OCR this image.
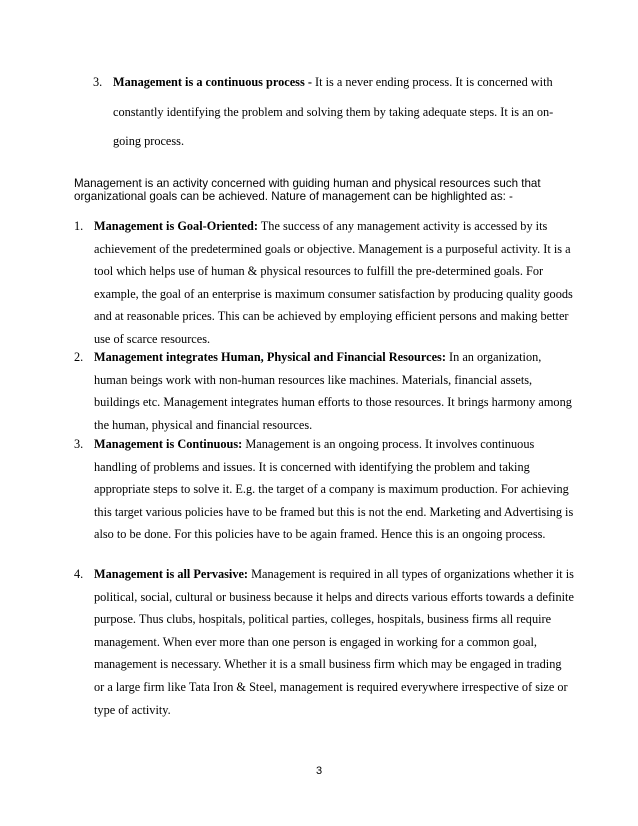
3. Management is a continuous process - It is a never ending process. It is concerned with constantly identifying the problem and solving them by taking adequate steps. It is an on-going process.
Management is an activity concerned with guiding human and physical resources such that organizational goals can be achieved. Nature of management can be highlighted as: -
1. Management is Goal-Oriented: The success of any management activity is accessed by its achievement of the predetermined goals or objective. Management is a purposeful activity. It is a tool which helps use of human & physical resources to fulfill the pre-determined goals. For example, the goal of an enterprise is maximum consumer satisfaction by producing quality goods and at reasonable prices. This can be achieved by employing efficient persons and making better use of scarce resources.
2. Management integrates Human, Physical and Financial Resources: In an organization, human beings work with non-human resources like machines. Materials, financial assets, buildings etc. Management integrates human efforts to those resources. It brings harmony among the human, physical and financial resources.
3. Management is Continuous: Management is an ongoing process. It involves continuous handling of problems and issues. It is concerned with identifying the problem and taking appropriate steps to solve it. E.g. the target of a company is maximum production. For achieving this target various policies have to be framed but this is not the end. Marketing and Advertising is also to be done. For this policies have to be again framed. Hence this is an ongoing process.
4. Management is all Pervasive: Management is required in all types of organizations whether it is political, social, cultural or business because it helps and directs various efforts towards a definite purpose. Thus clubs, hospitals, political parties, colleges, hospitals, business firms all require management. When ever more than one person is engaged in working for a common goal, management is necessary. Whether it is a small business firm which may be engaged in trading or a large firm like Tata Iron & Steel, management is required everywhere irrespective of size or type of activity.
3
